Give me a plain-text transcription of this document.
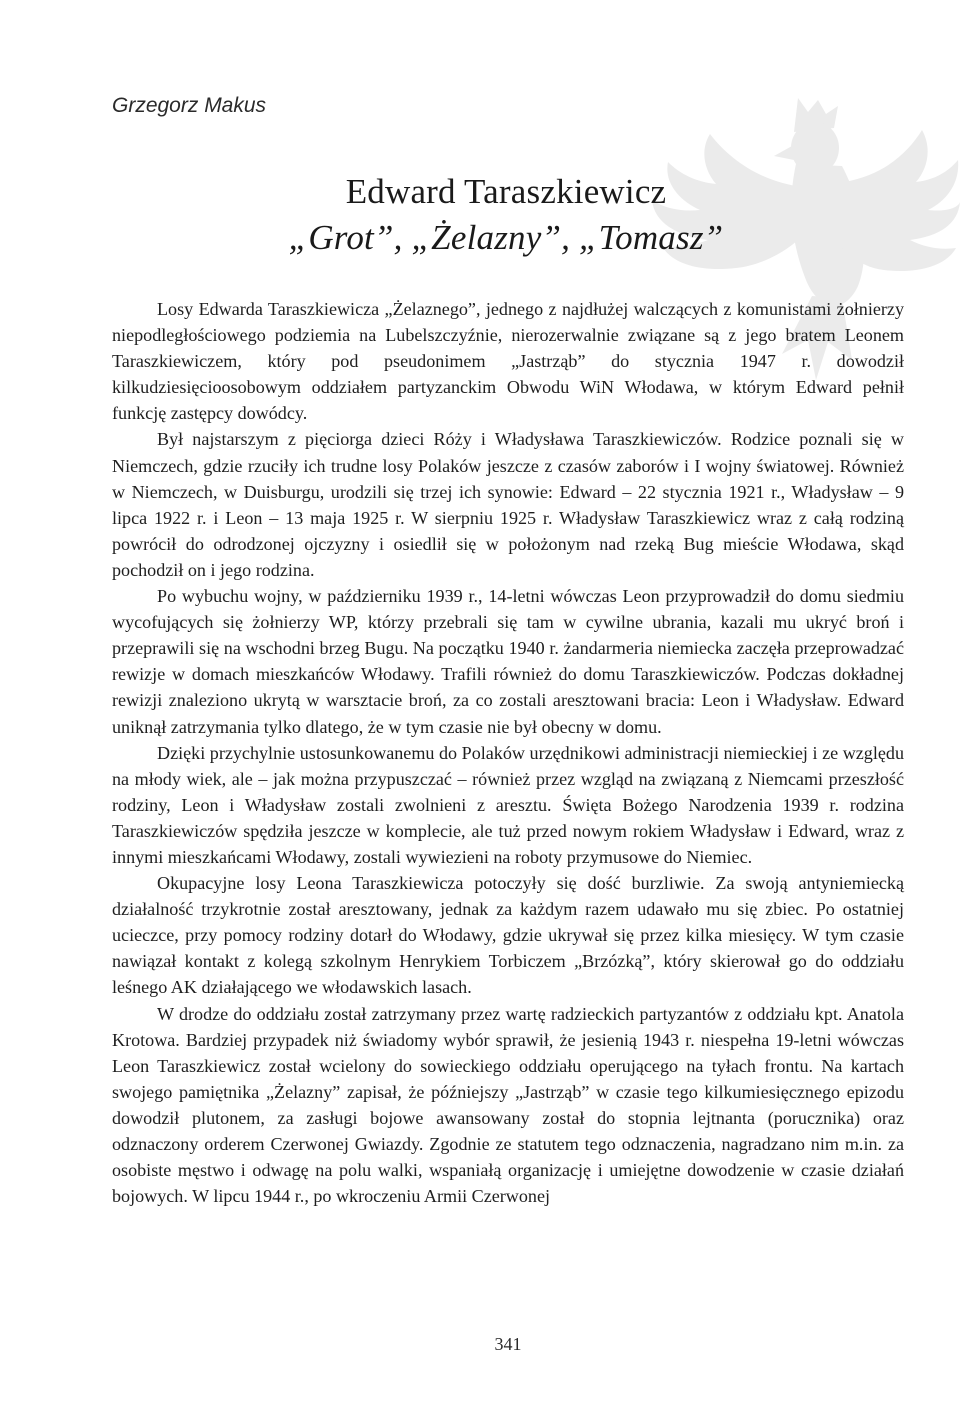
Grzegorz Makus
Edward Taraszkiewicz
„Grot”, „Żelazny”, „Tomasz”

Losy Edwarda Taraszkiewicza „Żelaznego”, jednego z najdłużej walczących z komunistami żołnierzy niepodległościowego podziemia na Lubelszczyźnie, nierozerwalnie związane są z jego bratem Leonem Taraszkiewiczem, który pod pseudonimem „Jastrząb” do stycznia 1947 r. dowodził kilkudziesięcioosobowym oddziałem partyzanckim Obwodu WiN Włodawa, w którym Edward pełnił funkcję zastępcy dowódcy.

Był najstarszym z pięciorga dzieci Róży i Władysława Taraszkiewiczów. Rodzice poznali się w Niemczech, gdzie rzuciły ich trudne losy Polaków jeszcze z czasów zaborów i I wojny światowej. Również w Niemczech, w Duisburgu, urodzili się trzej ich synowie: Edward – 22 stycznia 1921 r., Władysław – 9 lipca 1922 r. i Leon – 13 maja 1925 r. W sierpniu 1925 r. Władysław Taraszkiewicz wraz z całą rodziną powrócił do odrodzonej ojczyzny i osiedlił się w położonym nad rzeką Bug mieście Włodawa, skąd pochodził on i jego rodzina.

Po wybuchu wojny, w październiku 1939 r., 14-letni wówczas Leon przyprowadził do domu siedmiu wycofujących się żołnierzy WP, którzy przebrali się tam w cywilne ubrania, kazali mu ukryć broń i przeprawili się na wschodni brzeg Bugu. Na początku 1940 r. żandarmeria niemiecka zaczęła przeprowadzać rewizje w domach mieszkańców Włodawy. Trafili również do domu Taraszkiewiczów. Podczas dokładnej rewizji znaleziono ukrytą w warsztacie broń, za co zostali aresztowani bracia: Leon i Władysław. Edward uniknął zatrzymania tylko dlatego, że w tym czasie nie był obecny w domu.

Dzięki przychylnie ustosunkowanemu do Polaków urzędnikowi administracji niemieckiej i ze względu na młody wiek, ale – jak można przypuszczać – również przez wzgląd na związaną z Niemcami przeszłość rodziny, Leon i Władysław zostali zwolnieni z aresztu. Święta Bożego Narodzenia 1939 r. rodzina Taraszkiewiczów spędziła jeszcze w komplecie, ale tuż przed nowym rokiem Władysław i Edward, wraz z innymi mieszkańcami Włodawy, zostali wywiezieni na roboty przymusowe do Niemiec.

Okupacyjne losy Leona Taraszkiewicza potoczyły się dość burzliwie. Za swoją antyniemiecką działalność trzykrotnie został aresztowany, jednak za każdym razem udawało mu się zbiec. Po ostatniej ucieczce, przy pomocy rodziny dotarł do Włodawy, gdzie ukrywał się przez kilka miesięcy. W tym czasie nawiązał kontakt z kolegą szkolnym Henrykiem Torbiczem „Brzózką”, który skierował go do oddziału leśnego AK działającego we włodawskich lasach.

W drodze do oddziału został zatrzymany przez wartę radzieckich partyzantów z oddziału kpt. Anatola Krotowa. Bardziej przypadek niż świadomy wybór sprawił, że jesienią 1943 r. niespełna 19-letni wówczas Leon Taraszkiewicz został wcielony do sowieckiego oddziału operującego na tyłach frontu. Na kartach swojego pamiętnika „Żelazny” zapisał, że późniejszy „Jastrząb” w czasie tego kilkumiesięcznego epizodu dowodził plutonem, za zasługi bojowe awansowany został do stopnia lejtnanta (porucznika) oraz odznaczony orderem Czerwonej Gwiazdy. Zgodnie ze statutem tego odznaczenia, nagradzano nim m.in. za osobiste męstwo i odwagę na polu walki, wspaniałą organizację i umiejętne dowodzenie w czasie działań bojowych. W lipcu 1944 r., po wkroczeniu Armii Czerwonej

341
